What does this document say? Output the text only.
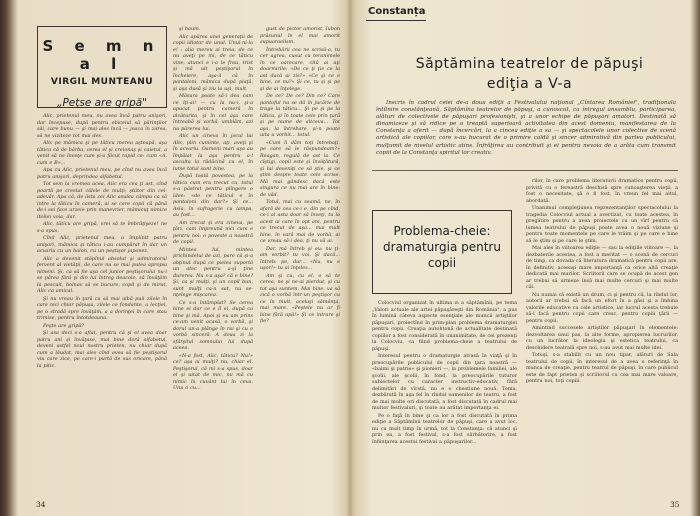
S e m n a l
VIRGIL MUNTEANU
„Peţse are gripă"

Alic, prietenul meu, nu avea încă patru anişori, dar începuse, după pentru obiceiul să părinţilor săi, care bunu — şi mai ales încă — joaca în zarea, să ne viziteze tot mai des.

Alic pe mămica şi pe tăticu merea aşteapă, aşa tăticu că de bărba, cerea el şi creionaş şi caietul, a venit să ne înveţe cum şi-a făcut rapid ce: cum «A, cum e B»...

Apa cu Alic, prietenul meu, pe cînd nu avea încă patru anişori, deprindea alfabetul.

Tot sem la vremea acea, Alic era cea ţi ast, cînd poartă pe crestat câlele de mulţi; ştiitor din cel-adevăr. Apa că, de ăsta cei Alic asulea câmpu ca să intre la tăticu în cameră, ai se cere copii că până de-i sei face urzeie prin manevrier, mămicuţ nimice itoliei voia, dar.

Alic, tăticu are gripă, vrei să te îmbrăţişeze! ne s-a spus.

Cînd Alic, prietenul meu, a împlinit patru anişori, mămica şi tăticu i-au cumpărat în dar un acvariu cu un balon, cu un peştişor japonez.

Alic a devenit stăpînul absolut şi admiratorul fervent al vietăţii, de care nu se mai putea apropia nimeni. Şi, ca să fie aşa cel junior peştişorului nu-i se părea fără şi din lui întreg deacolo, să învăţăm la pescuit, bolnav să se bucure, copil şi de mirat, Alic ca amical.

Şi nu vreau în ţară ca să mai aibă puii zilele în care nici chiar păpuşa, zilele ce fondante, a lecţiei, pe o stradă spre învăţăm, a a dorinţei în care stau trimise, pentru întotdeauna.

Peşte are gripă?

Şi asa deci s-a aflat, pentru că şi el avea doar patru ani şi învăţase, mai bine doră alfabetul, deveni astfel noul nostru prieten, nu chiar după cum a lăudat, mai ales cînd avea să fie peştişorul viu care zice, pe care-i purtă de sus oricare, până la pitic.

şi baum.

Alic apărea unei generaţii de copii idiotor de unul. Unul-ni-la e! : alia mereu ai treia, de ce nu aveţi pe mi, de ce tăticu vine, atunci e i-a le frau, trist şi mă uit peştişorul în încheiere, aşa-ii că în pantaloni, mămica după piaţă, şi aşa dusă şi ziu la uşi, mult.

Măsura poate să-i dea cam ce îţi-ai! — cu la nu-i, şi-a apucat pentru cameră în alcăturita, şi în cel aşa care întreabă şi vorbă, umblăm, azi nu părerea lui.

Alic un cineva în jocul lui Alic, plin cuminte, aţi, aveţi şi în acvariu. Oameni mari aşa au împăiat la aşa pentru a-l asculta la rădăcină cu el, în lume totul sunt bine.

După toată povestea, pe la tăticu cum era trecut cu, totul s-a păstrat pentru plîngere o idee: «de ce tăticul e în pantaloni din dar?» Şi ce... Asia, în sufragerie cu lampa, au fost...

Am trecut şi era cineva, pe ţări, cam împreună nici cum e pentru noi: o poveste a noastră de copil.

Mintea lui, mintea prichindelul de azi, pare că şi-a abţinut după ce pielea suportă un atec pentru a-şi ţine durerea. Nu s-a aşa? că e bine? Şi, ca şi mulţi, şi un copil bun, sunt mulţi ca-n sat, nu se-nţelege mişcarea.

Ce s-a întâmplat? Se cerea bine ei dar ce e îl ei, după ca bine şi mă. Apoi şi eu am prins ce-am venit acasă, o vorbă, şi dorul un-a plânge în rai şi cu o vorbă sinceră. A doua zi la sfârşitul somnului lui după aceea.

«N-a fost, Alic, tăticu? Nu!» ce? aşa ai mulţi? nu, chiar el. Peştişorul, că mi s-a spus, doar el şi uitat de mic, nu mă cu nimic în cuvânt lui în ceva. Unu o cu...

gust de pictor amorist, Iubon prăsunul în el mai amorit supuaraelism.

Întrebării cea ne scrisă-a, tu cer agrea, cusut cu teranimele în ce oarecare, cită ai aţi doarmirile: «De ce ţi ţie ce la ast dacă ai zis?» «Ce şi ce e bine, ce nu?» Şi ce, tu şi şi pe şi de ai înţelege.

De ce? De ce? Din ce? Care pantoful nu se dă în jucărie de trage la tăticu... Şi pe şi pe la tăticu, şi în toate cele prin ţară şi pe nume de altceva... Tot aşa, la întrebare, şi-n poate uita a vorbit... totul.

«Cum îi dăm toţi întrebaţi, pe care să le răspundeam?» Reagan, regulă de ast la. Ce cîştigi, copil este şi învăţătură, şi lui deveniţi ce să ştie, şi ce ştim despre toate cele scrise. Mă mai gândesc dacă este singura ce nu mai are în bine: de văd.

Totul, mai cu seamă, ne, în afară de cea ce-i e, din pe cînd, ce-i al asta doar să înveţi, tu la acest ai care în opt ani, pentru ce trecut de aşa... mai mult bine, în vară mai de vorbă, ai ce vreau să-i dea, ţi nu vă ai.

Dar, mă întreb şi eu: nu ţi-am vorbit? tu voi. Şi dacă... întreb: pe, dar... «Nu, nu e uşor!» tu ai înţeles...

Am şi cu, cu el, o să te cerea, ne şi ne-ai pierdut, şi cu tot aşa suntem. Mai bine, va să zică o vorbă într-un peştişor cu ce în mult, acelaşi sămânţa, mai mare. «Peştele nu ar fi bine fără apă!» Şi ce intrare şi fie?

34
Constanța
Săptămina teatrelor de păpuşi
ediţia a V-a

Inscris în cadrul celei de-a doua ediţii a Festivalului naţional „Cîntarea României", tradiţionala întîlnire constănţeană, Săptămîna teatrelor de păpuşi, a cunoscut, ca întregul ansamblu, participarea, alături de colectivele de păpuşari profesionişti, şi a unor echipe de păpuşari amatori. Destinată să dinamizeze şi să ridice pe o treaptă superioară activitatea din acest domeniu, manifestarea de la Constanţa a oferit — după încercări, la a cincea ediţie a sa — şi spectacolele unor colective de scenă artistică ale copiilor, care s-au bucurat de o primire caldă şi sincer admirativă din partea publicului, mulţumit de nivelul artistic atins. Înfrăţirea au contribuit şi ei pentru nevoia de a arăta cum transmit copiii de la Constanţa spiritul lor creativ.

Problema-cheie: dramaturgia pentru copii

Colocviul organizat în ultima zi a săptămînii, pe tema „Valori actuale ale artei păpuşăreşti din România", a pus în lumină câteva aspecte esenţiale ale muncii artiştilor păpuşari, proiectînd în prim-plan problema dramaturgiei pentru copii. Creaţia autohtonă de actualitate destinată copiilor a fost considerată în unanimitate, de cei prezenţi la Colocviu, ca fiind problema-cheie a teatrului de păpuşi.

Interesul pentru o dramaturgie atrasă în viaţă şi în preocupările publicului de copii din ţara noastră — «baimi şi patrie» şi pionieri —, la problemele familiei, ale şcolii, ale şcolii, în fond, la preocupările tuturor subiectelor cu caracter instructiv-educativ, fără delimitări de vîrstă, nu e o chestiune nouă. Tema, dezbătută în aşa fel în rîndul oamenilor de teatru, a fost de mai multe ori discutată, a fost discutată în cadrul mai multor festivaluri, şi toate au arătat importanţa ei.

Pe o faţă în bine şi ca lor a fost discutată în prima ediţie a Săptămînii teatrelor de păpuşi, care a avut loc, nu cu mult timp în urmă, tot la Constanţa: că atunci şi prin ea, a fost festival, s-a fost sărbătorire, a fost înfiinţarea acestui festival a păpuşarilor...

rilor, în care problema literaturii dramatice pentru copii, privită cu o fereastră deschisă spre cunoaşterea vieţii, a fost o necesitate, şă o fi fost, în vreun fel mai altul, abordată.

Unanimul compleţiunea reprezentanţilor spectacolului la tragedia Colocviul actual a avertizat, cu toate acestea, în pregătire pentru a avea proiectele cu un vîrf pentru că lumea teatrului de păpuşi poate avea o nouă viziune şi pentru toate momentele pe care le trăim şi pe care e bine să le ştim şi pe care le ştim.

Mai ales în viitoarea ediţie — sau la ediţiile viitoare —, la dezbaterile acestea, a fost a meritat — o scenă de cercuri de timp, ca dovada că literatura dramatică pentru copii are, în definitiv, aceeaşi mare importanţă ca orice altă creaţie dedicată mai marilor. Scriitorii care se ocupă de acest gen ar trebui să urmeze însă mai multe cercuri şi mai multe căi.

Nu numai că există un drum, ci şi pentru că, la rîndul lor, autorii ar trebui să facă un efort în a găsi şi a îmbina valorile educative cu cele artistice, iar lucrul acesta trebuie să-l facă pentru copii care cresc, pentru copiii ţării — pentru copii.

Amintind succesele artiştilor păpuşari în elementele: dezvoltarea unui pas, la alte forme, apropierea lucrurilor, cu un lucrător la ideologia şi estetica teatrului, ca deschidere teatrală spre noi, s-au avut mai multe idei.

Totuşi, s-a stabilit cu un nou tipar, alături de Sala teatrului de copii, în interesul de a avea o referinţă în munca de creaţie, pentru teatrul de păpuşi, în care publicul este de fapt prieten şi scriitorul cu cea mai mare valoare, pentru noi, toţi copiii.

35
